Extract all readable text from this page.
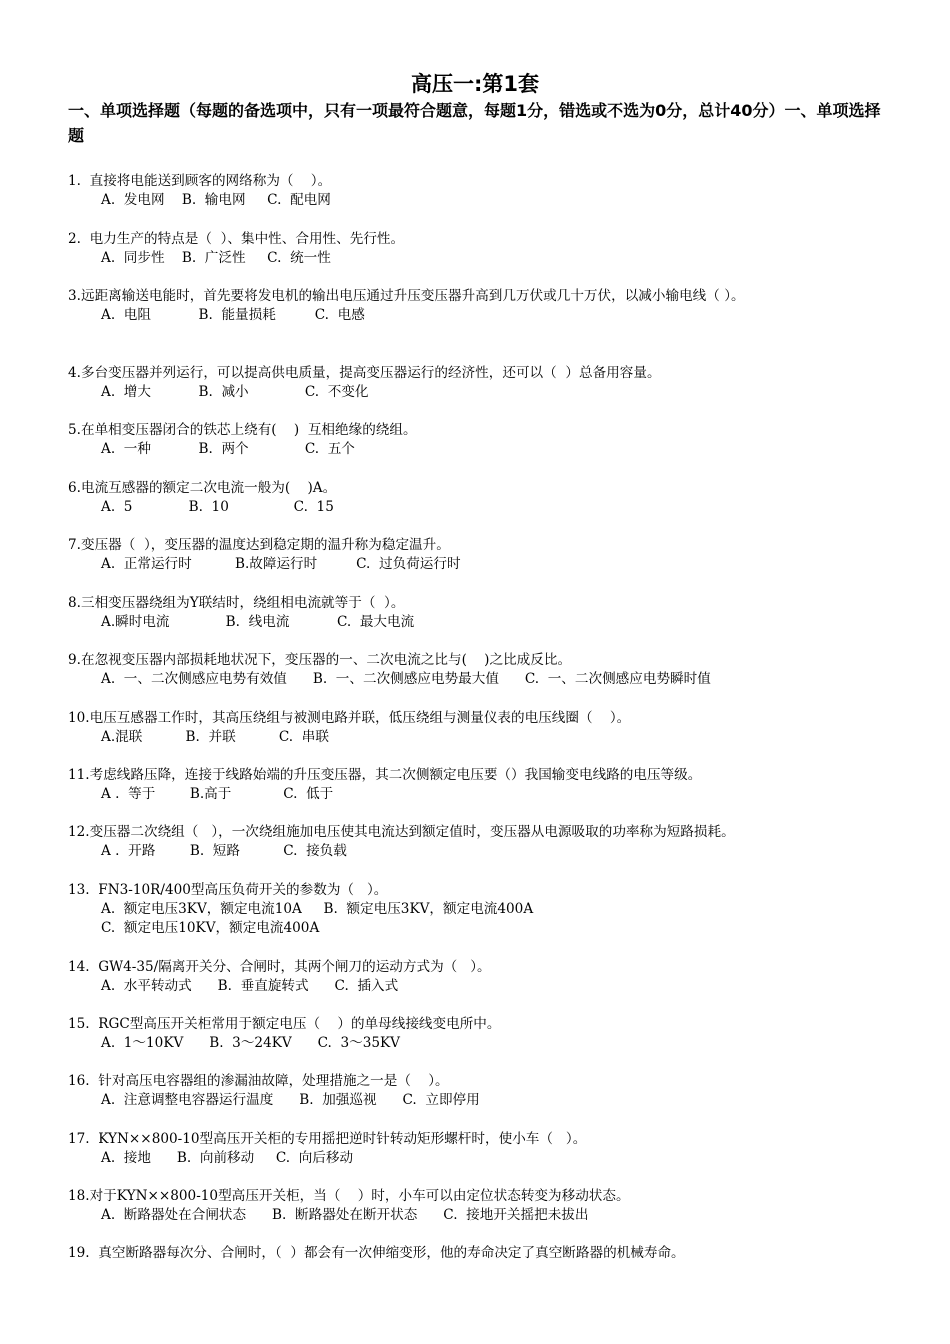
高压一:第1套
一、单项选择题（每题的备选项中，只有一项最符合题意，每题1分，错选或不选为0分，总计40分）一、单项选择题
1.  直接将电能送到顾客的网络称为（    ）。
A.  发电网    B.  输电网     C.  配电网
2.  电力生产的特点是（  ）、集中性、合用性、先行性。
A.  同步性    B.  广泛性     C.  统一性
3.远距离输送电能时，首先要将发电机的输出电压通过升压变压器升高到几万伏或几十万伏，以减小输电线（ ）。
A.  电阻           B.  能量损耗         C.  电感
4.多台变压器并列运行，可以提高供电质量，提高变压器运行的经济性，还可以（  ）总备用容量。
A.  增大           B.  减小             C.  不变化
5.在单相变压器闭合的铁芯上绕有(    )  互相绝缘的绕组。
A.  一种           B.  两个             C.  五个
6.电流互感器的额定二次电流一般为(    )A。
A.  5             B.  10               C.  15
7.变压器（  ），变压器的温度达到稳定期的温升称为稳定温升。
A.  正常运行时          B.故障运行时         C.  过负荷运行时
8.三相变压器绕组为Y联结时，绕组相电流就等于（  ）。
A.瞬时电流             B.  线电流           C.  最大电流
9.在忽视变压器内部损耗地状况下，变压器的一、二次电流之比与(    )之比成反比。
A.  一、二次侧感应电势有效值      B.  一、二次侧感应电势最大值      C.  一、二次侧感应电势瞬时值
10.电压互感器工作时，其高压绕组与被测电路并联，低压绕组与测量仪表的电压线圈（    ）。
A.混联          B.  并联          C.  串联
11.考虑线路压降，连接于线路始端的升压变压器，其二次侧额定电压要（）我国输变电线路的电压等级。
A .  等于        B.高于            C.  低于
12.变压器二次绕组（   ），一次绕组施加电压使其电流达到额定值时，变压器从电源吸取的功率称为短路损耗。
A .  开路        B.  短路          C.  接负载
13.  FN3-10R/400型高压负荷开关的参数为（   ）。
A.  额定电压3KV，额定电流10A     B.  额定电压3KV，额定电流400A
C.  额定电压10KV，额定电流400A
14.  GW4-35/隔离开关分、合闸时，其两个闸刀的运动方式为（   ）。
A.  水平转动式      B.  垂直旋转式      C.  插入式
15.  RGC型高压开关柜常用于额定电压（    ）的单母线接线变电所中。
A.  1～10KV      B.  3～24KV      C.  3～35KV
16.  针对高压电容器组的渗漏油故障，处理措施之一是（    ）。
A.  注意调整电容器运行温度      B.  加强巡视      C.  立即停用
17.  KYN××800-10型高压开关柜的专用摇把逆时针转动矩形螺杆时，使小车（   ）。
A.  接地      B.  向前移动     C.  向后移动
18.对于KYN××800-10型高压开关柜，当（    ）时，小车可以由定位状态转变为移动状态。
A.  断路器处在合闸状态      B.  断路器处在断开状态      C.  接地开关摇把未拔出
19.  真空断路器每次分、合闸时，（  ）都会有一次伸缩变形，他的寿命决定了真空断路器的机械寿命。
